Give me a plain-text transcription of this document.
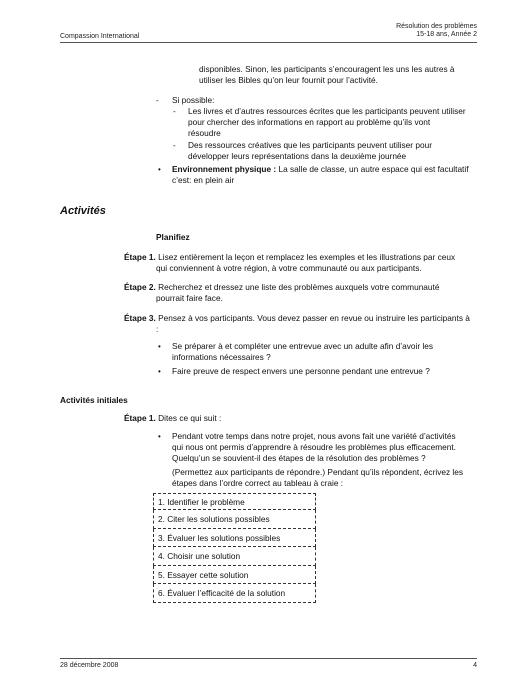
Compassion International
Résolution des problèmes
15-18 ans, Année 2
disponibles. Sinon, les participants s’encouragent les uns les autres à
utiliser les Bibles qu’on leur fournit pour l’activité.
- Si possible:
- Les livres et d’autres ressources écrites que les participants peuvent utiliser
pour chercher des informations en rapport au problème qu’ils vont
résoudre
- Des ressources créatives que les participants peuvent utiliser pour
développer leurs représentations dans la deuxième journée
• Environnement physique : La salle de classe, un autre espace qui est facultatif
c’est: en plein air
Activités
Planifiez
Étape 1. Lisez entièrement la leçon et remplacez les exemples et les illustrations par ceux
qui conviennent à votre région, à votre communauté ou aux participants.
Étape 2. Recherchez et dressez une liste des problèmes auxquels votre communauté
pourrait faire face.
Étape 3. Pensez à vos participants. Vous devez passer en revue ou instruire les participants à
:
• Se préparer à et compléter une entrevue avec un adulte afin d’avoir les
informations nécessaires ?
• Faire preuve de respect envers une personne pendant une entrevue ?
Activités initiales
Étape 1. Dites ce qui suit :
• Pendant votre temps dans notre projet, nous avons fait une variété d’activités
qui nous ont permis d’apprendre à résoudre les problèmes plus efficacement.
Quelqu’un se souvient-il des étapes de la résolution des problèmes ?
(Permettez aux participants de répondre.) Pendant qu’ils répondent, écrivez les
étapes dans l’ordre correct au tableau à craie :
1. Identifier le problème
2. Citer les solutions possibles
3. Évaluer les solutions possibles
4. Choisir une solution
5. Essayer cette solution
6. Évaluer l’efficacité de la solution
28 décembre 2008	4
